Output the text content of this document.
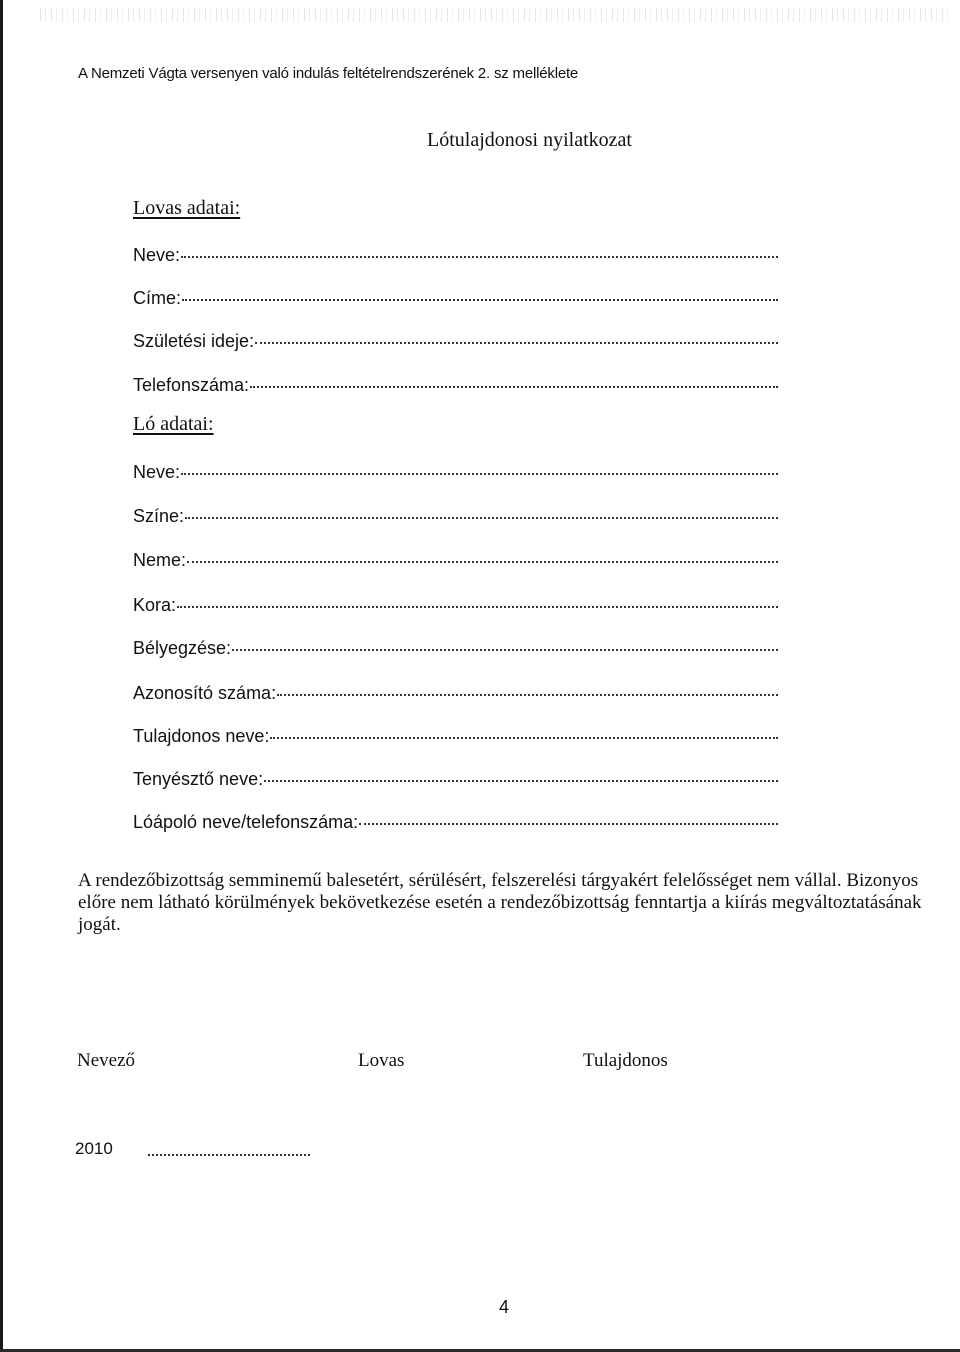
A Nemzeti Vágta versenyen való indulás feltételrendszerének 2. sz melléklete
Lótulajdonosi nyilatkozat
Lovas adatai:
Neve:
Címe:
Születési ideje:
Telefonszáma:
Ló adatai:
Neve:
Színe:
Neme:
Kora:
Bélyegzése:
Azonosító száma:
Tulajdonos neve:
Tenyésztő neve:
Lóápoló neve/telefonszáma:

A rendezőbizottság semminemű balesetért, sérülésért, felszerelési tárgyakért felelősséget nem vállal. Bizonyos előre nem látható körülmények bekövetkezése esetén a rendezőbizottság fenntartja a kiírás megváltoztatásának jogát.

Nevező	Lovas	Tulajdonos
2010
4
